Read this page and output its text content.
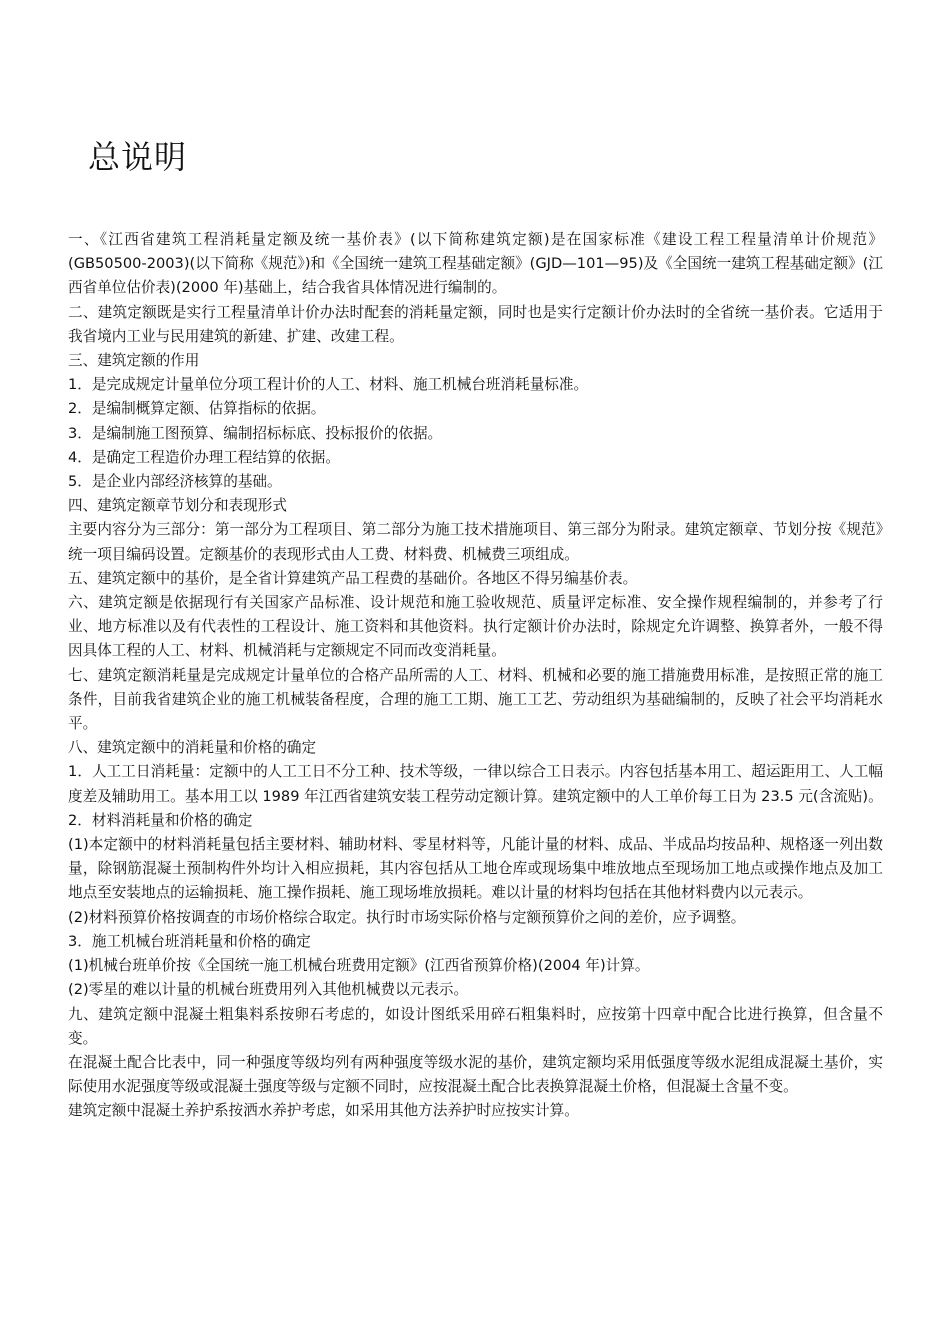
总说明

一、《江西省建筑工程消耗量定额及统一基价表》(以下简称建筑定额)是在国家标准《建设工程工程量清单计价规范》(GB50500-2003)(以下简称《规范》)和《全国统一建筑工程基础定额》(GJD—101—95)及《全国统一建筑工程基础定额》(江西省单位估价表)(2000 年)基础上，结合我省具体情况进行编制的。

二、建筑定额既是实行工程量清单计价办法时配套的消耗量定额，同时也是实行定额计价办法时的全省统一基价表。它适用于我省境内工业与民用建筑的新建、扩建、改建工程。

三、建筑定额的作用

1．是完成规定计量单位分项工程计价的人工、材料、施工机械台班消耗量标准。

2．是编制概算定额、估算指标的依据。

3．是编制施工图预算、编制招标标底、投标报价的依据。

4．是确定工程造价办理工程结算的依据。

5．是企业内部经济核算的基础。

四、建筑定额章节划分和表现形式

主要内容分为三部分：第一部分为工程项目、第二部分为施工技术措施项目、第三部分为附录。建筑定额章、节划分按《规范》统一项目编码设置。定额基价的表现形式由人工费、材料费、机械费三项组成。

五、建筑定额中的基价，是全省计算建筑产品工程费的基础价。各地区不得另编基价表。

六、建筑定额是依据现行有关国家产品标准、设计规范和施工验收规范、质量评定标准、安全操作规程编制的，并参考了行业、地方标准以及有代表性的工程设计、施工资料和其他资料。执行定额计价办法时，除规定允许调整、换算者外，一般不得因具体工程的人工、材料、机械消耗与定额规定不同而改变消耗量。

七、建筑定额消耗量是完成规定计量单位的合格产品所需的人工、材料、机械和必要的施工措施费用标准，是按照正常的施工条件，目前我省建筑企业的施工机械装备程度，合理的施工工期、施工工艺、劳动组织为基础编制的，反映了社会平均消耗水平。

八、建筑定额中的消耗量和价格的确定

1．人工工日消耗量：定额中的人工工日不分工种、技术等级，一律以综合工日表示。内容包括基本用工、超运距用工、人工幅度差及辅助用工。基本用工以 1989 年江西省建筑安装工程劳动定额计算。建筑定额中的人工单价每工日为 23.5 元(含流贴)。

2．材料消耗量和价格的确定

(1)本定额中的材料消耗量包括主要材料、辅助材料、零星材料等，凡能计量的材料、成品、半成品均按品种、规格逐一列出数量，除钢筋混凝土预制构件外均计入相应损耗，其内容包括从工地仓库或现场集中堆放地点至现场加工地点或操作地点及加工地点至安装地点的运输损耗、施工操作损耗、施工现场堆放损耗。难以计量的材料均包括在其他材料费内以元表示。

(2)材料预算价格按调查的市场价格综合取定。执行时市场实际价格与定额预算价之间的差价，应予调整。

3．施工机械台班消耗量和价格的确定

(1)机械台班单价按《全国统一施工机械台班费用定额》(江西省预算价格)(2004 年)计算。

(2)零星的难以计量的机械台班费用列入其他机械费以元表示。

九、建筑定额中混凝土粗集料系按卵石考虑的，如设计图纸采用碎石粗集料时，应按第十四章中配合比进行换算，但含量不变。

在混凝土配合比表中，同一种强度等级均列有两种强度等级水泥的基价，建筑定额均采用低强度等级水泥组成混凝土基价，实际使用水泥强度等级或混凝土强度等级与定额不同时，应按混凝土配合比表换算混凝土价格，但混凝土含量不变。

建筑定额中混凝土养护系按洒水养护考虑，如采用其他方法养护时应按实计算。
